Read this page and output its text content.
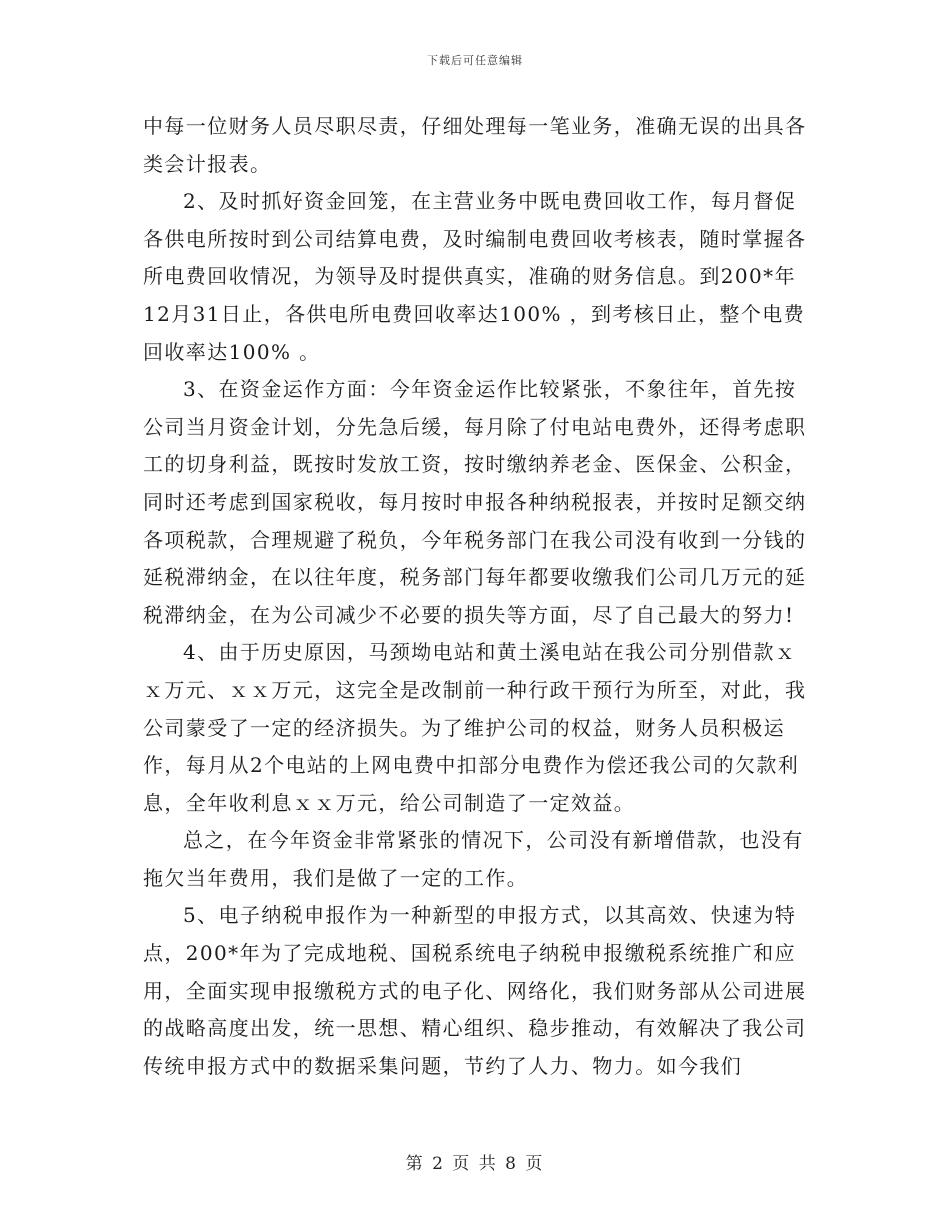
下载后可任意编辑

中每一位财务人员尽职尽责，仔细处理每一笔业务，准确无误的出具各类会计报表。

2、及时抓好资金回笼，在主营业务中既电费回收工作，每月督促各供电所按时到公司结算电费，及时编制电费回收考核表，随时掌握各所电费回收情况，为领导及时提供真实，准确的财务信息。到200*年12月31日止，各供电所电费回收率达100% ，到考核日止，整个电费回收率达100% 。

3、在资金运作方面：今年资金运作比较紧张，不象往年，首先按公司当月资金计划，分先急后缓，每月除了付电站电费外，还得考虑职工的切身利益，既按时发放工资，按时缴纳养老金、医保金、公积金，同时还考虑到国家税收，每月按时申报各种纳税报表，并按时足额交纳各项税款，合理规避了税负，今年税务部门在我公司没有收到一分钱的延税滞纳金，在以往年度，税务部门每年都要收缴我们公司几万元的延税滞纳金，在为公司减少不必要的损失等方面，尽了自己最大的努力!

4、由于历史原因，马颈坳电站和黄土溪电站在我公司分别借款ｘｘ万元、ｘｘ万元，这完全是改制前一种行政干预行为所至，对此，我公司蒙受了一定的经济损失。为了维护公司的权益，财务人员积极运作，每月从2个电站的上网电费中扣部分电费作为偿还我公司的欠款利息，全年收利息ｘｘ万元，给公司制造了一定效益。

总之，在今年资金非常紧张的情况下，公司没有新增借款，也没有拖欠当年费用，我们是做了一定的工作。

5、电子纳税申报作为一种新型的申报方式，以其高效、快速为特点，200*年为了完成地税、国税系统电子纳税申报缴税系统推广和应用，全面实现申报缴税方式的电子化、网络化，我们财务部从公司进展的战略高度出发，统一思想、精心组织、稳步推动，有效解决了我公司传统申报方式中的数据采集问题，节约了人力、物力。如今我们

第 2 页 共 8 页
